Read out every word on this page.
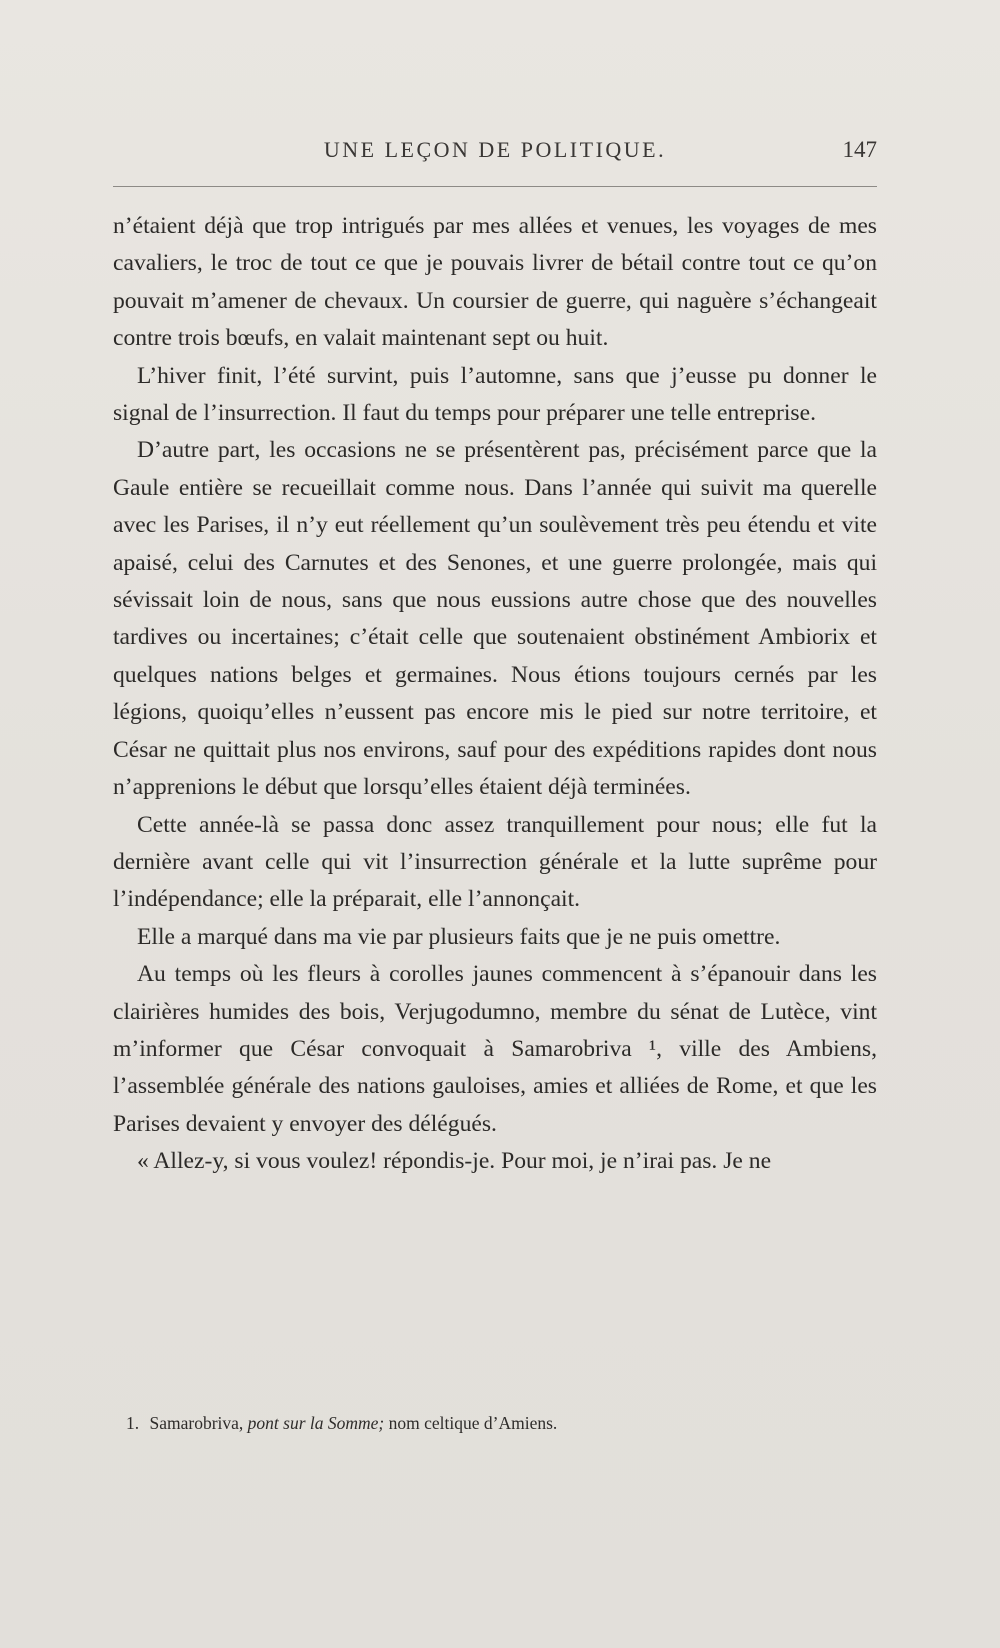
UNE LEÇON DE POLITIQUE.	147

n’étaient déjà que trop intrigués par mes allées et venues, les voyages de mes cavaliers, le troc de tout ce que je pouvais livrer de bétail contre tout ce qu’on pouvait m’amener de chevaux. Un coursier de guerre, qui naguère s’échangeait contre trois bœufs, en valait maintenant sept ou huit.

L’hiver finit, l’été survint, puis l’automne, sans que j’eusse pu donner le signal de l’insurrection. Il faut du temps pour préparer une telle entreprise.

D’autre part, les occasions ne se présentèrent pas, précisément parce que la Gaule entière se recueillait comme nous. Dans l’année qui suivit ma querelle avec les Parises, il n’y eut réellement qu’un soulèvement très peu étendu et vite apaisé, celui des Carnutes et des Senones, et une guerre prolongée, mais qui sévissait loin de nous, sans que nous eussions autre chose que des nouvelles tardives ou incertaines; c’était celle que soutenaient obstinément Ambiorix et quelques nations belges et germaines. Nous étions toujours cernés par les légions, quoiqu’elles n’eussent pas encore mis le pied sur notre territoire, et César ne quittait plus nos environs, sauf pour des expéditions rapides dont nous n’apprenions le début que lorsqu’elles étaient déjà terminées.

Cette année-là se passa donc assez tranquillement pour nous; elle fut la dernière avant celle qui vit l’insurrection générale et la lutte suprême pour l’indépendance; elle la préparait, elle l’annonçait.

Elle a marqué dans ma vie par plusieurs faits que je ne puis omettre.

Au temps où les fleurs à corolles jaunes commencent à s’épanouir dans les clairières humides des bois, Verjugodumno, membre du sénat de Lutèce, vint m’informer que César convoquait à Samarobriva ¹, ville des Ambiens, l’assemblée générale des nations gauloises, amies et alliées de Rome, et que les Parises devaient y envoyer des délégués.

« Allez-y, si vous voulez! répondis-je. Pour moi, je n’irai pas. Je ne

1. Samarobriva, pont sur la Somme; nom celtique d’Amiens.
